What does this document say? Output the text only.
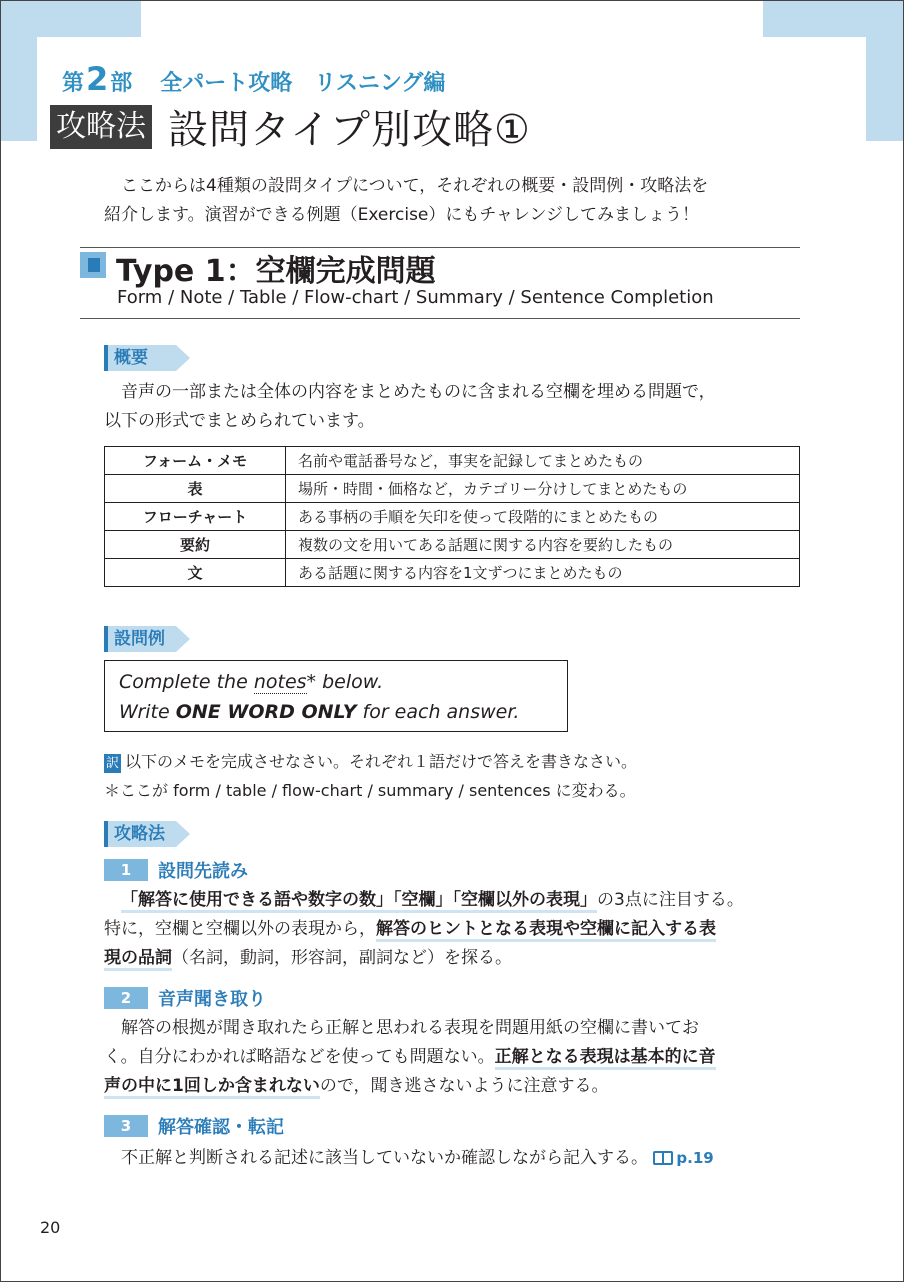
第 2 部 全パート攻略　リスニング編
攻略法 設問タイプ別攻略①
ここからは4種類の設問タイプについて，それぞれの概要・設問例・攻略法を
紹介します。演習ができる例題（Exercise）にもチャレンジしてみましょう！
Type 1：空欄完成問題
Form / Note / Table / Flow-chart / Summary / Sentence Completion
概要
音声の一部または全体の内容をまとめたものに含まれる空欄を埋める問題で，
以下の形式でまとめられています。
フォーム・メモ	名前や電話番号など，事実を記録してまとめたもの
表	場所・時間・価格など，カテゴリー分けしてまとめたもの
フローチャート	ある事柄の手順を矢印を使って段階的にまとめたもの
要約	複数の文を用いてある話題に関する内容を要約したもの
文	ある話題に関する内容を1文ずつにまとめたもの
設問例
Complete the notes* below.
Write ONE WORD ONLY for each answer.
訳 以下のメモを完成させなさい。それぞれ１語だけで答えを書きなさい。
＊ここが form / table / flow-chart / summary / sentences に変わる。
攻略法
1	設問先読み
「解答に使用できる語や数字の数」「空欄」「空欄以外の表現」の3点に注目する。
特に，空欄と空欄以外の表現から，解答のヒントとなる表現や空欄に記入する表
現の品詞（名詞，動詞，形容詞，副詞など）を探る。
2	音声聞き取り
解答の根拠が聞き取れたら正解と思われる表現を問題用紙の空欄に書いてお
く。自分にわかれば略語などを使っても問題ない。正解となる表現は基本的に音
声の中に1回しか含まれないので，聞き逃さないように注意する。
3	解答確認・転記
不正解と判断される記述に該当していないか確認しながら記入する。 p.19
20
